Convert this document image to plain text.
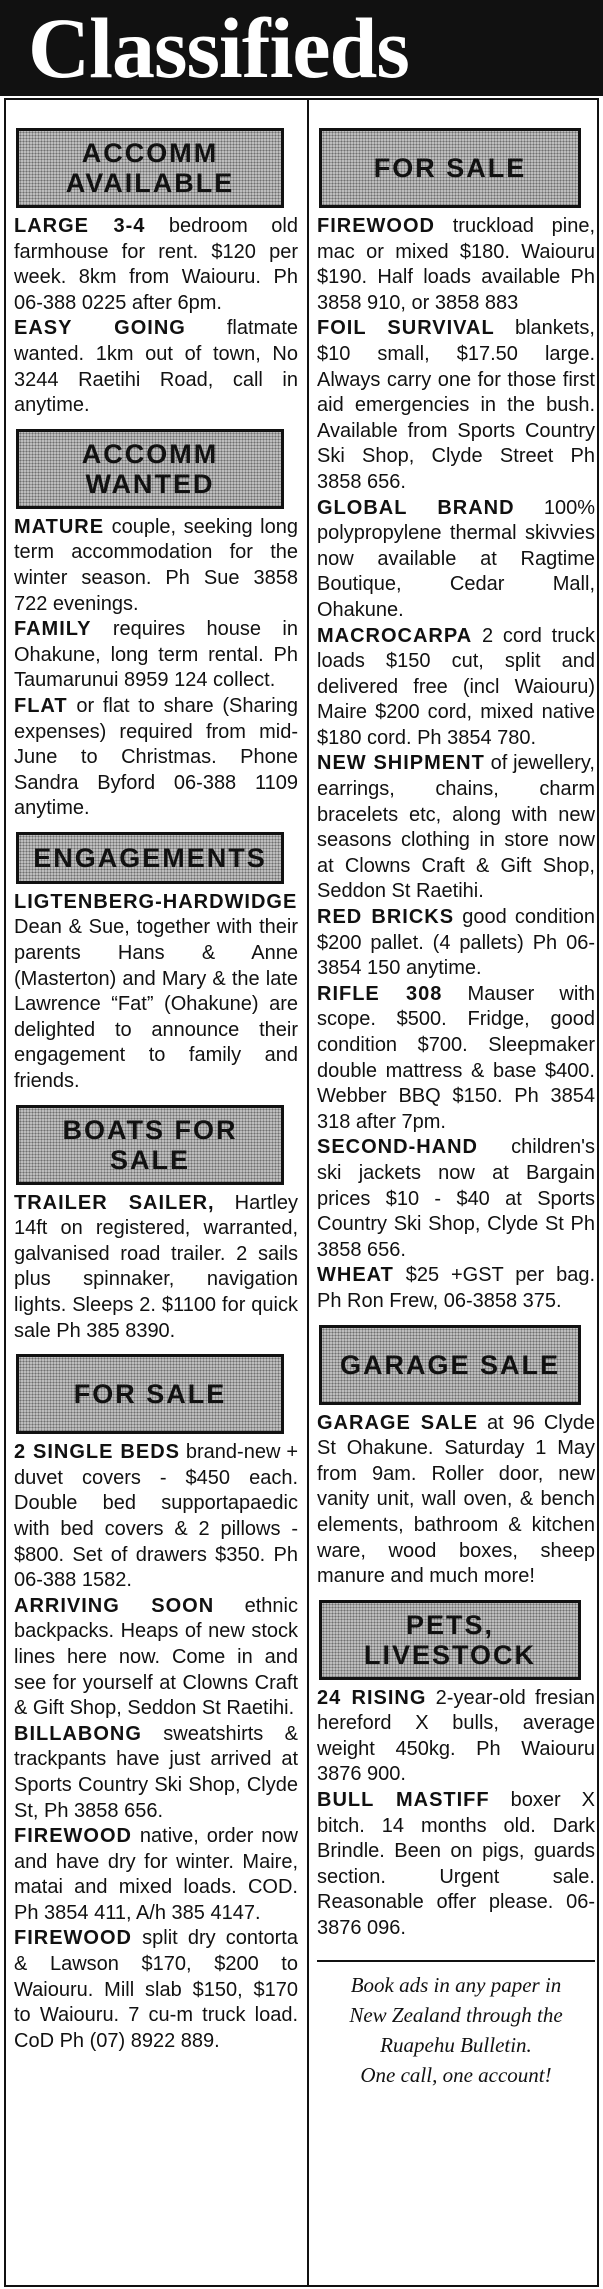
Classifieds
ACCOMM AVAILABLE

LARGE 3-4 bedroom old farmhouse for rent. $120 per week. 8km from Waiouru. Ph 06-388 0225 after 6pm.

EASY GOING flatmate wanted. 1km out of town, No 3244 Raetihi Road, call in anytime.

ACCOMM WANTED

MATURE couple, seeking long term accommodation for the winter season. Ph Sue 3858 722 evenings.

FAMILY requires house in Ohakune, long term rental. Ph Taumarunui 8959 124 collect.

FLAT or flat to share (Sharing expenses) required from mid-June to Christmas. Phone Sandra Byford 06-388 1109 anytime.

ENGAGEMENTS

LIGTENBERG-HARDWIDGE Dean & Sue, together with their parents Hans & Anne (Masterton) and Mary & the late Lawrence “Fat” (Ohakune) are delighted to announce their engagement to family and friends.

BOATS FOR SALE

TRAILER SAILER, Hartley 14ft on registered, warranted, galvanised road trailer. 2 sails plus spinnaker, navigation lights. Sleeps 2. $1100 for quick sale Ph 385 8390.

FOR SALE

2 SINGLE BEDS brand-new + duvet covers - $450 each. Double bed supportapaedic with bed covers & 2 pillows - $800. Set of drawers $350. Ph 06-388 1582.

ARRIVING SOON ethnic backpacks. Heaps of new stock lines here now. Come in and see for yourself at Clowns Craft & Gift Shop, Seddon St Raetihi.

BILLABONG sweatshirts & trackpants have just arrived at Sports Country Ski Shop, Clyde St, Ph 3858 656.

FIREWOOD native, order now and have dry for winter. Maire, matai and mixed loads. COD. Ph 3854 411, A/h 385 4147.

FIREWOOD split dry contorta & Lawson $170, $200 to Waiouru. Mill slab $150, $170 to Waiouru. 7 cu-m truck load. CoD Ph (07) 8922 889.

FOR SALE

FIREWOOD truckload pine, mac or mixed $180. Waiouru $190. Half loads available Ph 3858 910, or 3858 883

FOIL SURVIVAL blankets, $10 small, $17.50 large. Always carry one for those first aid emergencies in the bush. Available from Sports Country Ski Shop, Clyde Street Ph 3858 656.

GLOBAL BRAND 100% polypropylene thermal skivvies now available at Ragtime Boutique, Cedar Mall, Ohakune.

MACROCARPA 2 cord truck loads $150 cut, split and delivered free (incl Waiouru) Maire $200 cord, mixed native $180 cord. Ph 3854 780.

NEW SHIPMENT of jewellery, earrings, chains, charm bracelets etc, along with new seasons clothing in store now at Clowns Craft & Gift Shop, Seddon St Raetihi.

RED BRICKS good condition $200 pallet. (4 pallets) Ph 06-3854 150 anytime.

RIFLE 308 Mauser with scope. $500. Fridge, good condition $700. Sleepmaker double mattress & base $400. Webber BBQ $150. Ph 3854 318 after 7pm.

SECOND-HAND children's ski jackets now at Bargain prices $10 - $40 at Sports Country Ski Shop, Clyde St Ph 3858 656.

WHEAT $25 +GST per bag. Ph Ron Frew, 06-3858 375.

GARAGE SALE

GARAGE SALE at 96 Clyde St Ohakune. Saturday 1 May from 9am. Roller door, new vanity unit, wall oven, & bench elements, bathroom & kitchen ware, wood boxes, sheep manure and much more!

PETS, LIVESTOCK

24 RISING 2-year-old fresian hereford X bulls, average weight 450kg. Ph Waiouru 3876 900.

BULL MASTIFF boxer X bitch. 14 months old. Dark Brindle. Been on pigs, guards section. Urgent sale. Reasonable offer please. 06-3876 096.

Book ads in any paper in
New Zealand through the
Ruapehu Bulletin.
One call, one account!
